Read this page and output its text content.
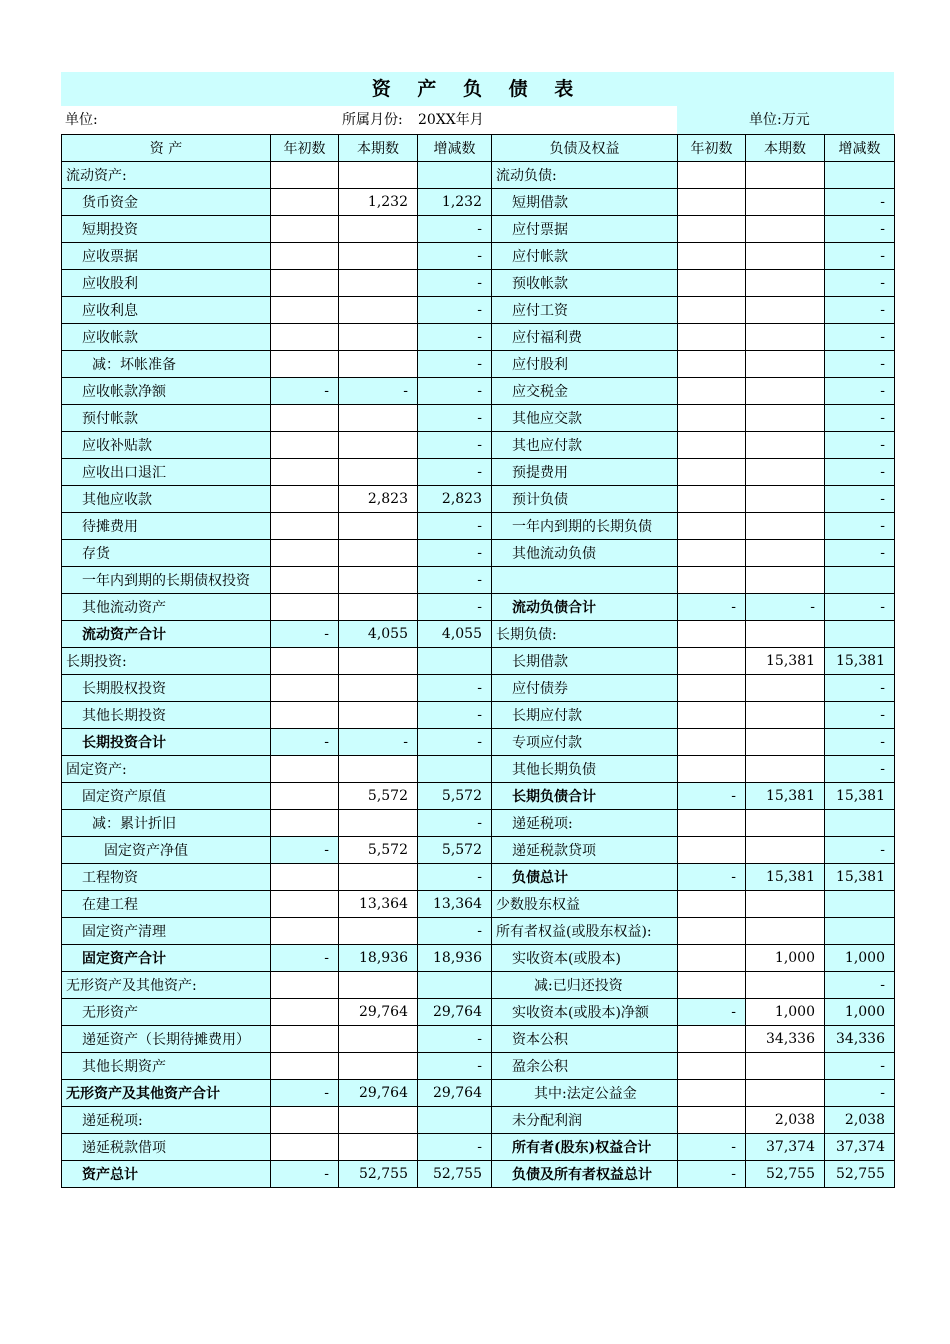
资 产 负 债 表
单位:	所属月份:	20XX年月	单位:万元
资 产	年初数	本期数	增减数	负债及权益	年初数	本期数	增减数
流动资产:				流动负债:			
货币资金		1,232	1,232	短期借款			-
短期投资			-	应付票据			-
应收票据			-	应付帐款			-
应收股利			-	预收帐款			-
应收利息			-	应付工资			-
应收帐款			-	应付福利费			-
减：坏帐准备			-	应付股利			-
应收帐款净额	-	-	-	应交税金			-
预付帐款			-	其他应交款			-
应收补贴款			-	其也应付款			-
应收出口退汇			-	预提费用			-
其他应收款		2,823	2,823	预计负债			-
待摊费用			-	一年内到期的长期负债			-
存货			-	其他流动负债			-
一年内到期的长期债权投资			-				
其他流动资产			-	流动负债合计	-	-	-
流动资产合计	-	4,055	4,055	长期负债:			
长期投资:				长期借款		15,381	15,381
长期股权投资			-	应付债券			-
其他长期投资			-	长期应付款			-
长期投资合计	-	-	-	专项应付款			-
固定资产:				其他长期负债			-
固定资产原值		5,572	5,572	长期负债合计	-	15,381	15,381
减：累计折旧			-	递延税项:			
固定资产净值	-	5,572	5,572	递延税款贷项			-
工程物资			-	负债总计	-	15,381	15,381
在建工程		13,364	13,364	少数股东权益			
固定资产清理			-	所有者权益(或股东权益):			
固定资产合计	-	18,936	18,936	实收资本(或股本)		1,000	1,000
无形资产及其他资产:				减:已归还投资			-
无形资产		29,764	29,764	实收资本(或股本)净额	-	1,000	1,000
递延资产（长期待摊费用）			-	资本公积		34,336	34,336
其他长期资产			-	盈余公积			-
无形资产及其他资产合计	-	29,764	29,764	其中:法定公益金			-
递延税项:				未分配利润		2,038	2,038
递延税款借项			-	所有者(股东)权益合计	-	37,374	37,374
资产总计	-	52,755	52,755	负债及所有者权益总计	-	52,755	52,755
